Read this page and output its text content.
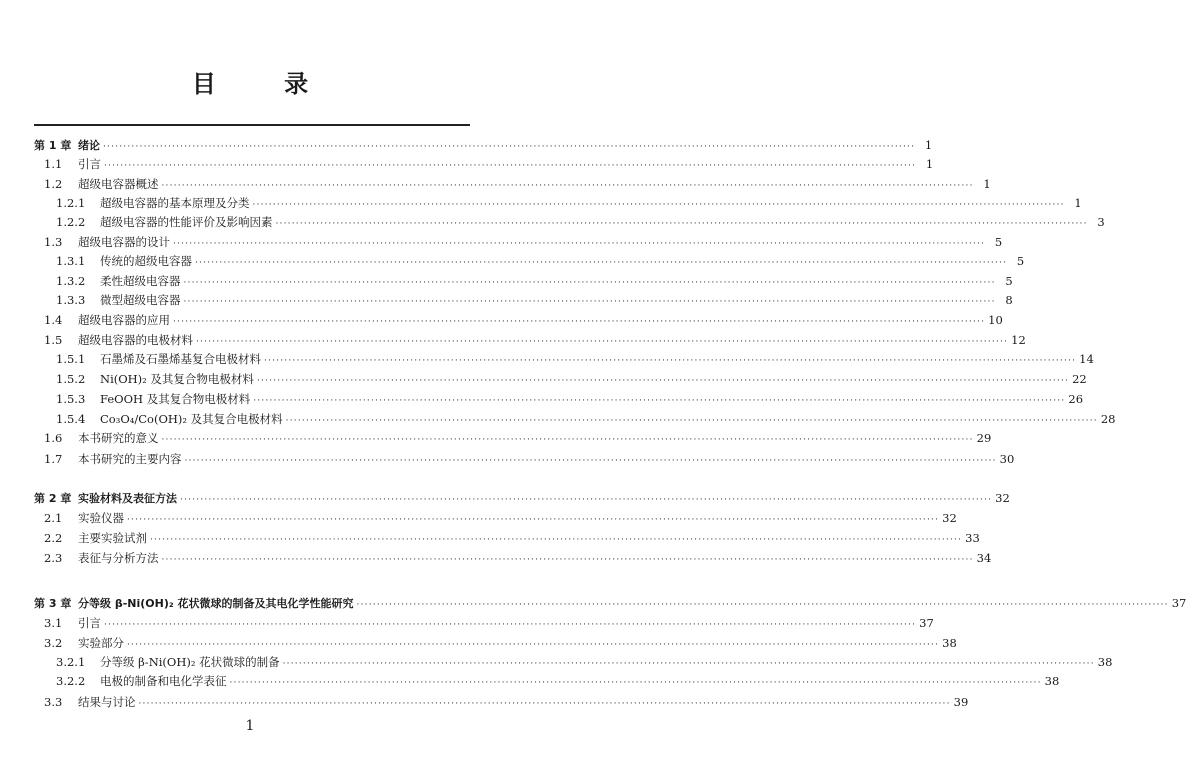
目 录
第 1 章 绪论 ········································································································································································································ 1
1.1	引言 ········································································································································································································ 1
1.2	超级电容器概述 ········································································································································································································ 1
1.2.1	超级电容器的基本原理及分类 ········································································································································································································ 1
1.2.2	超级电容器的性能评价及影响因素 ········································································································································································································ 3
1.3	超级电容器的设计 ········································································································································································································ 5
1.3.1	传统的超级电容器 ········································································································································································································ 5
1.3.2	柔性超级电容器 ········································································································································································································ 5
1.3.3	微型超级电容器 ········································································································································································································ 8
1.4	超级电容器的应用 ········································································································································································································ 10
1.5	超级电容器的电极材料 ········································································································································································································ 12
1.5.1	石墨烯及石墨烯基复合电极材料 ········································································································································································································ 14
1.5.2	Ni(OH)₂ 及其复合物电极材料 ········································································································································································································ 22
1.5.3	FeOOH 及其复合物电极材料 ········································································································································································································ 26
1.5.4	Co₃O₄/Co(OH)₂ 及其复合电极材料 ········································································································································································································ 28
1.6	本书研究的意义 ········································································································································································································ 29
1.7	本书研究的主要内容 ········································································································································································································ 30
第 2 章 实验材料及表征方法 ········································································································································································································ 32
2.1	实验仪器 ········································································································································································································ 32
2.2	主要实验试剂 ········································································································································································································ 33
2.3	表征与分析方法 ········································································································································································································ 34
第 3 章 分等级 β-Ni(OH)₂ 花状微球的制备及其电化学性能研究 ········································································································································································································ 37
3.1	引言 ········································································································································································································ 37
3.2	实验部分 ········································································································································································································ 38
3.2.1	分等级 β-Ni(OH)₂ 花状微球的制备 ········································································································································································································ 38
3.2.2	电极的制备和电化学表征 ········································································································································································································ 38
3.3	结果与讨论 ········································································································································································································ 39
1
